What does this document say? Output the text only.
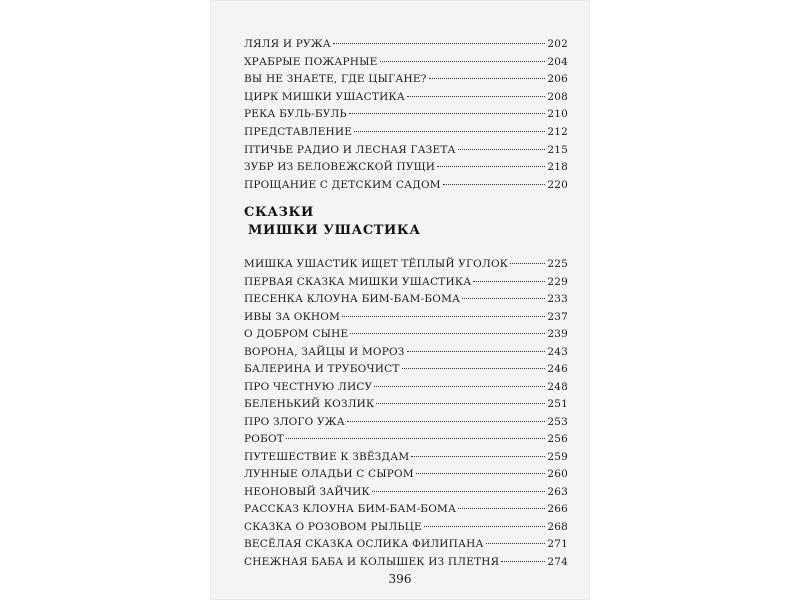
ЛЯЛЯ И РУЖА	202
ХРАБРЫЕ ПОЖАРНЫЕ	204
ВЫ НЕ ЗНАЕТЕ, ГДЕ ЦЫГАНЕ?	206
ЦИРК МИШКИ УШАСТИКА	208
РЕКА БУЛЬ-БУЛЬ	210
ПРЕДСТАВЛЕНИЕ	212
ПТИЧЬЕ РАДИО И ЛЕСНАЯ ГАЗЕТА	215
ЗУБР ИЗ БЕЛОВЕЖСКОЙ ПУЩИ	218
ПРОЩАНИЕ С ДЕТСКИМ САДОМ	220
СКАЗКИ
МИШКИ УШАСТИКА
МИШКА УШАСТИК ИЩЕТ ТЁПЛЫЙ УГОЛОК	225
ПЕРВАЯ СКАЗКА МИШКИ УШАСТИКА	229
ПЕСЕНКА КЛОУНА БИМ-БАМ-БОМА	233
ИВЫ ЗА ОКНОМ	237
О ДОБРОМ СЫНЕ	239
ВОРОНА, ЗАЙЦЫ И МОРОЗ	243
БАЛЕРИНА И ТРУБОЧИСТ	246
ПРО ЧЕСТНУЮ ЛИСУ	248
БЕЛЕНЬКИЙ КОЗЛИК	251
ПРО ЗЛОГО УЖА	253
РОБОТ	256
ПУТЕШЕСТВИЕ К ЗВЁЗДАМ	259
ЛУННЫЕ ОЛАДЬИ С СЫРОМ	260
НЕОНОВЫЙ ЗАЙЧИК	263
РАССКАЗ КЛОУНА БИМ-БАМ-БОМА	266
СКАЗКА О РОЗОВОМ РЫЛЬЦЕ	268
ВЕСЁЛАЯ СКАЗКА ОСЛИКА ФИЛИПАНА	271
СНЕЖНАЯ БАБА И КОЛЫШЕК ИЗ ПЛЕТНЯ	274
396
